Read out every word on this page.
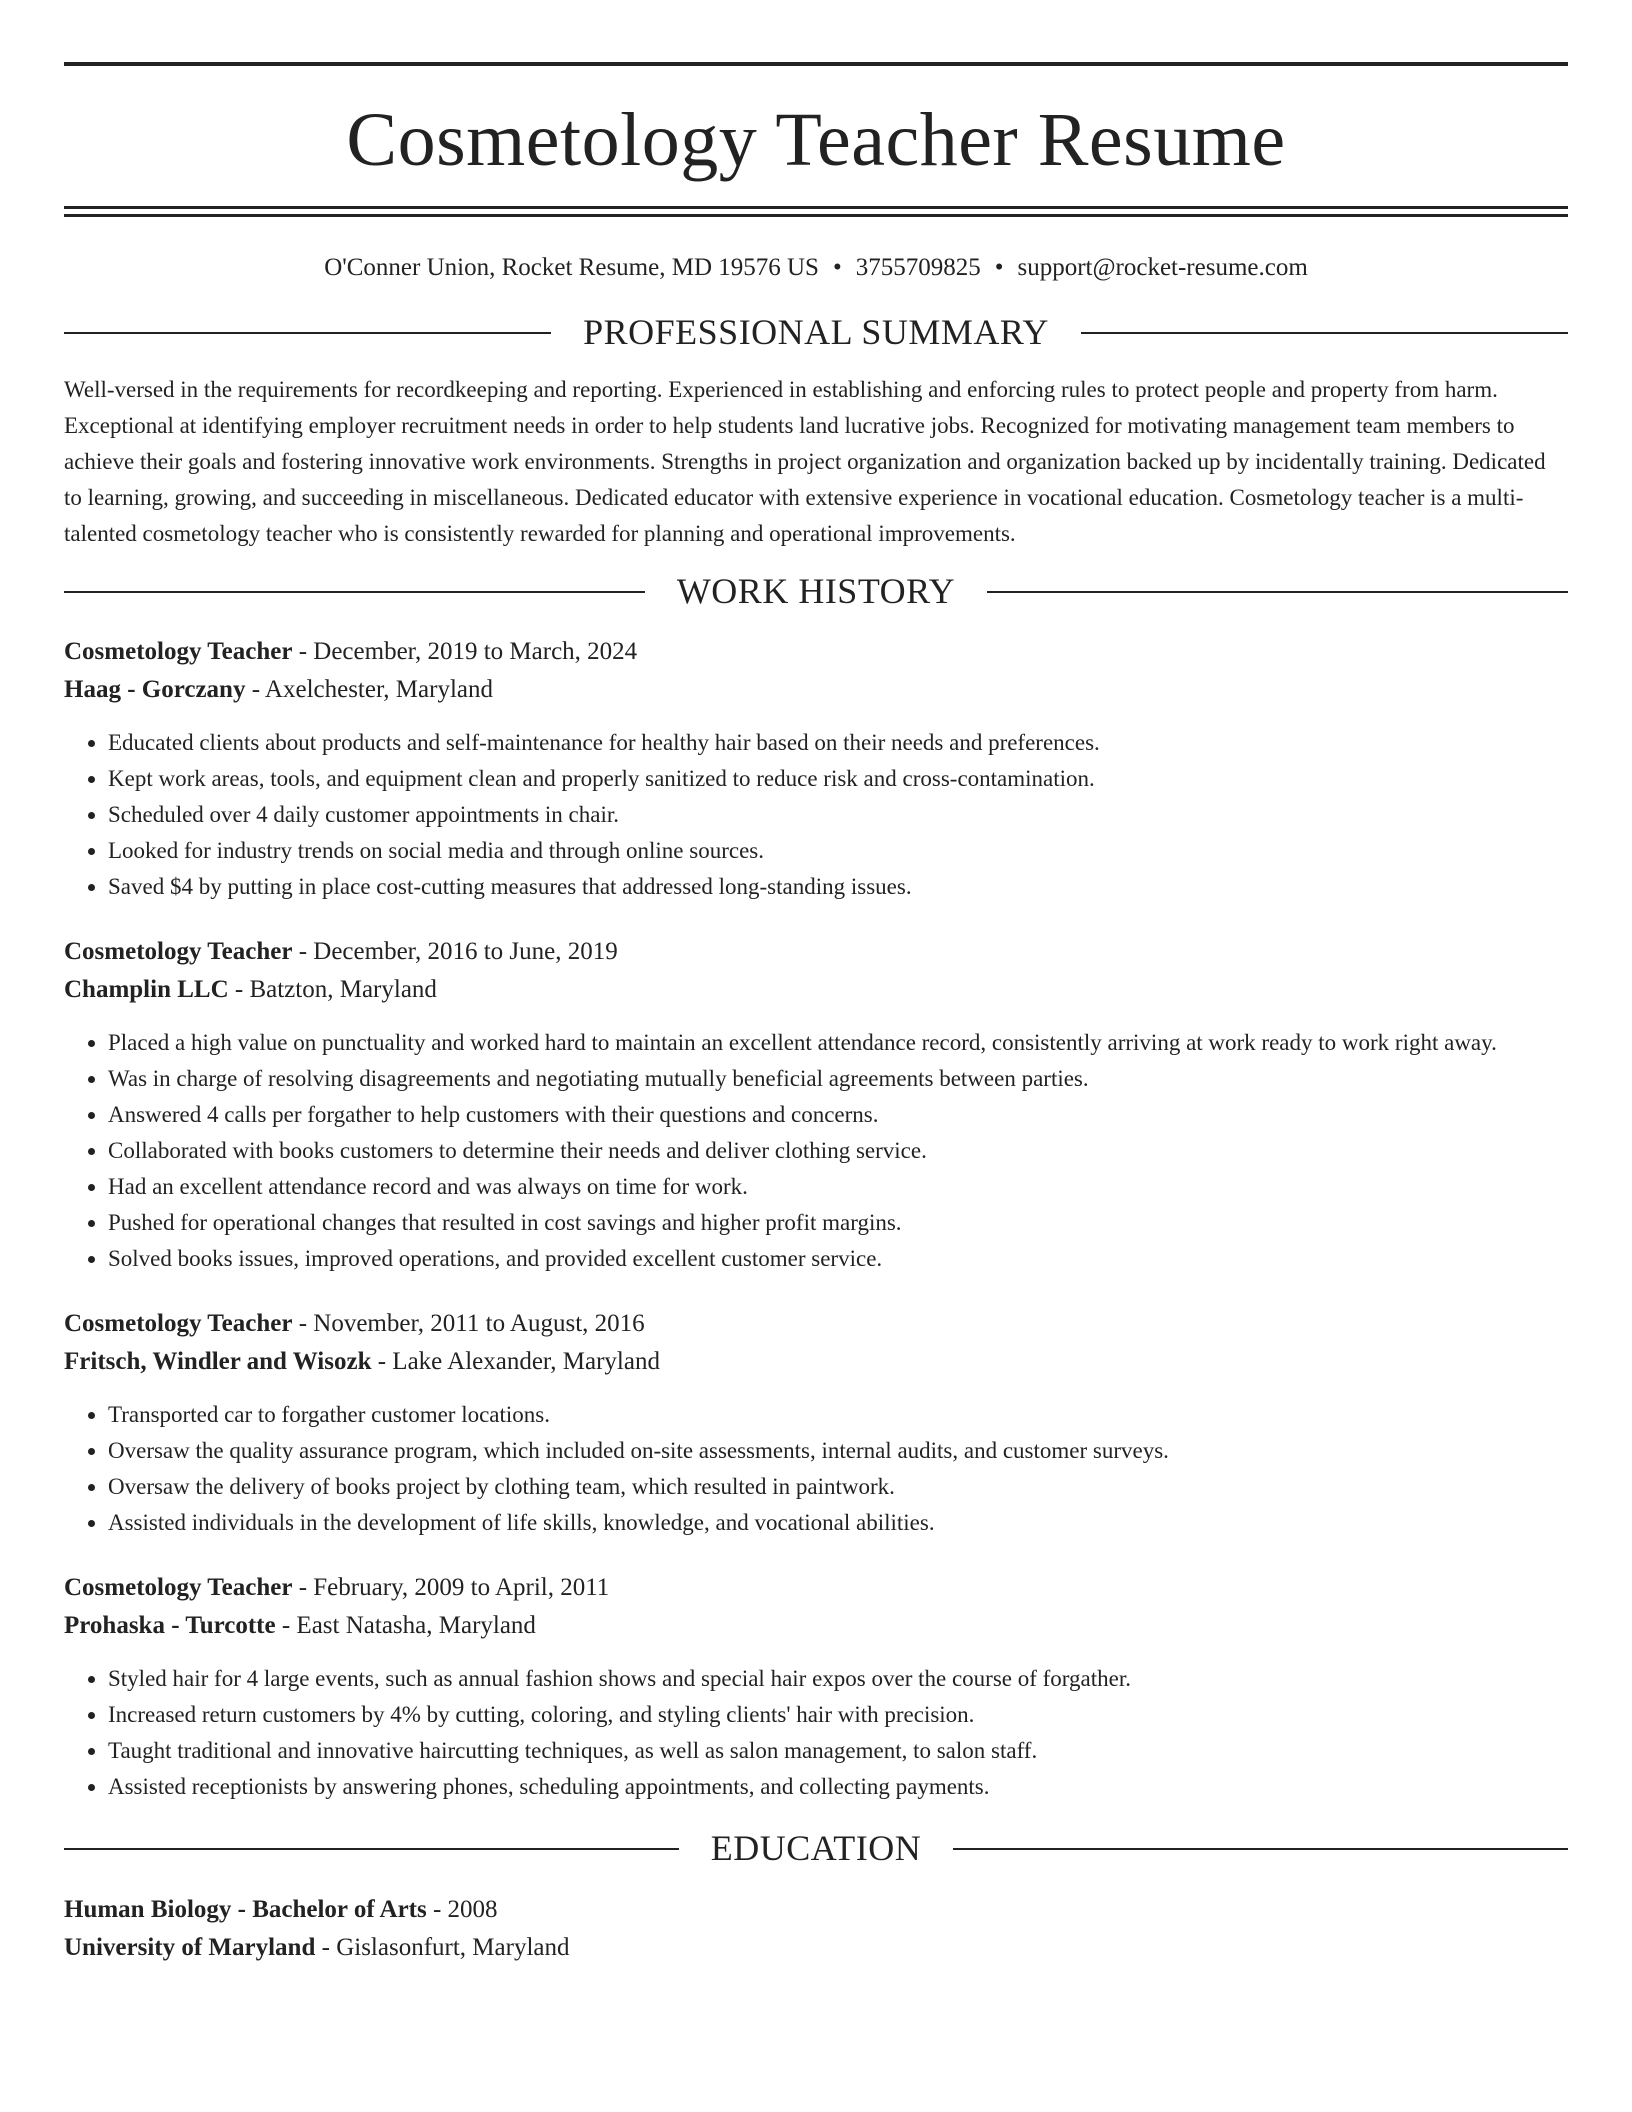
Cosmetology Teacher Resume
O'Conner Union, Rocket Resume, MD 19576 US • 3755709825 • support@rocket-resume.com
PROFESSIONAL SUMMARY

Well-versed in the requirements for recordkeeping and reporting. Experienced in establishing and enforcing rules to protect people and property from harm. Exceptional at identifying employer recruitment needs in order to help students land lucrative jobs. Recognized for motivating management team members to achieve their goals and fostering innovative work environments. Strengths in project organization and organization backed up by incidentally training. Dedicated to learning, growing, and succeeding in miscellaneous. Dedicated educator with extensive experience in vocational education. Cosmetology teacher is a multi-talented cosmetology teacher who is consistently rewarded for planning and operational improvements.

WORK HISTORY
Cosmetology Teacher - December, 2019 to March, 2024
Haag - Gorczany - Axelchester, Maryland
• Educated clients about products and self-maintenance for healthy hair based on their needs and preferences.
• Kept work areas, tools, and equipment clean and properly sanitized to reduce risk and cross-contamination.
• Scheduled over 4 daily customer appointments in chair.
• Looked for industry trends on social media and through online sources.
• Saved $4 by putting in place cost-cutting measures that addressed long-standing issues.
Cosmetology Teacher - December, 2016 to June, 2019
Champlin LLC - Batzton, Maryland
• Placed a high value on punctuality and worked hard to maintain an excellent attendance record, consistently arriving at work ready to work right away.
• Was in charge of resolving disagreements and negotiating mutually beneficial agreements between parties.
• Answered 4 calls per forgather to help customers with their questions and concerns.
• Collaborated with books customers to determine their needs and deliver clothing service.
• Had an excellent attendance record and was always on time for work.
• Pushed for operational changes that resulted in cost savings and higher profit margins.
• Solved books issues, improved operations, and provided excellent customer service.
Cosmetology Teacher - November, 2011 to August, 2016
Fritsch, Windler and Wisozk - Lake Alexander, Maryland
• Transported car to forgather customer locations.
• Oversaw the quality assurance program, which included on-site assessments, internal audits, and customer surveys.
• Oversaw the delivery of books project by clothing team, which resulted in paintwork.
• Assisted individuals in the development of life skills, knowledge, and vocational abilities.
Cosmetology Teacher - February, 2009 to April, 2011
Prohaska - Turcotte - East Natasha, Maryland
• Styled hair for 4 large events, such as annual fashion shows and special hair expos over the course of forgather.
• Increased return customers by 4% by cutting, coloring, and styling clients' hair with precision.
• Taught traditional and innovative haircutting techniques, as well as salon management, to salon staff.
• Assisted receptionists by answering phones, scheduling appointments, and collecting payments.
EDUCATION
Human Biology - Bachelor of Arts - 2008
University of Maryland - Gislasonfurt, Maryland
